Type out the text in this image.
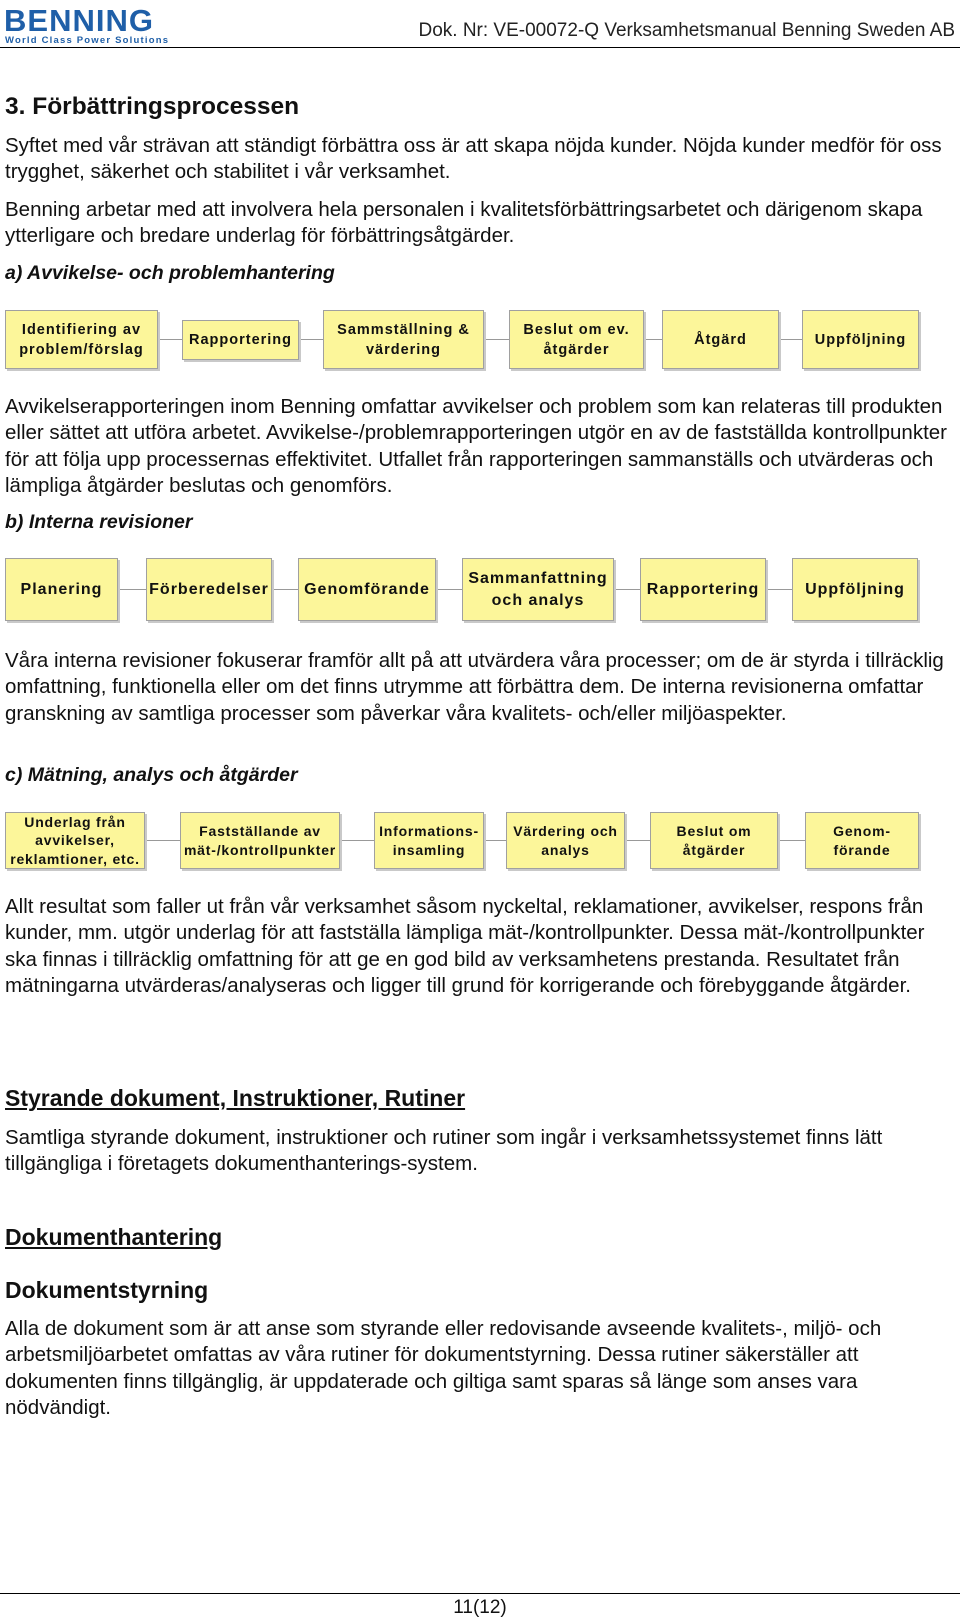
BENNING
World Class Power Solutions	Dok. Nr: VE-00072-Q Verksamhetsmanual Benning Sweden AB
3. Förbättringsprocessen
Syftet med vår strävan att ständigt förbättra oss är att skapa nöjda kunder. Nöjda kunder medför för oss trygghet, säkerhet och stabilitet i vår verksamhet.
Benning arbetar med att involvera hela personalen i kvalitetsförbättringsarbetet och därigenom skapa ytterligare och bredare underlag för förbättringsåtgärder.
a) Avvikelse- och problemhantering
Identifiering av
problem/förslag
Rapportering
Sammställning &
värdering
Beslut om ev.
åtgärder
Åtgärd	Uppföljning
Avvikelserapporteringen inom Benning omfattar avvikelser och problem som kan relateras till produkten eller sättet att utföra arbetet. Avvikelse-/problemrapporteringen utgör en av de fastställda kontrollpunkter för att följa upp processernas effektivitet. Utfallet från rapporteringen sammanställs och utvärderas och lämpliga åtgärder beslutas och genomförs.
b) Interna revisioner
Planering	Förberedelser Genomförande
Sammanfattning
och analys
Rapportering	Uppföljning
Våra interna revisioner fokuserar framför allt på att utvärdera våra processer; om de är styrda i tillräcklig omfattning, funktionella eller om det finns utrymme att förbättra dem. De interna revisionerna omfattar granskning av samtliga processer som påverkar våra kvalitets- och/eller miljöaspekter.
c) Mätning, analys och åtgärder
Underlag från
avvikelser,
reklamtioner, etc.
Fastställande av
mät-/kontrollpunkter
Informations-
insamling
Värdering och
analys
Beslut om
åtgärder
Genom-
förande
Allt resultat som faller ut från vår verksamhet såsom nyckeltal, reklamationer, avvikelser, respons från kunder, mm. utgör underlag för att fastställa lämpliga mät-/kontrollpunkter. Dessa mät-/kontrollpunkter ska finnas i tillräcklig omfattning för att ge en god bild av verksamhetens prestanda. Resultatet från mätningarna utvärderas/analyseras och ligger till grund för korrigerande och förebyggande åtgärder.
Styrande dokument, Instruktioner, Rutiner
Samtliga styrande dokument, instruktioner och rutiner som ingår i verksamhetssystemet finns lätt tillgängliga i företagets dokumenthanterings-system.
Dokumenthantering
Dokumentstyrning
Alla de dokument som är att anse som styrande eller redovisande avseende kvalitets-, miljö- och arbetsmiljöarbetet omfattas av våra rutiner för dokumentstyrning. Dessa rutiner säkerställer att dokumenten finns tillgänglig, är uppdaterade och giltiga samt sparas så länge som anses vara nödvändigt.
11(12)
